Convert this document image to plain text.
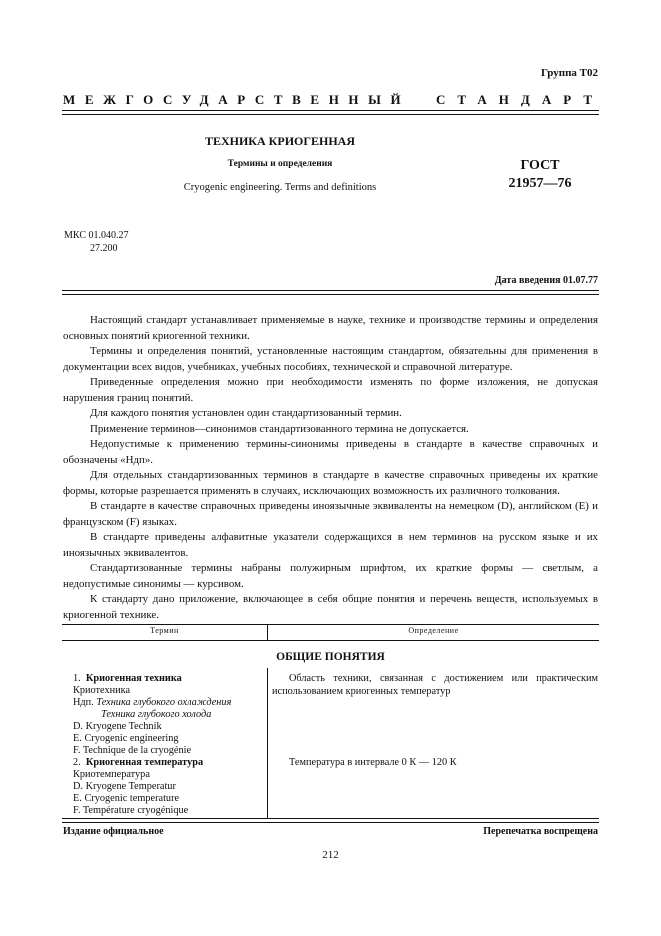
Группа Т02
МЕЖГОСУДАРСТВЕННЫЙ СТАНДАРТ
ТЕХНИКА КРИОГЕННАЯ
Термины и определения
Cryogenic engineering. Terms and definitions
ГОСТ
21957—76
МКС 01.040.27
27.200
Дата введения 01.07.77

Настоящий стандарт устанавливает применяемые в науке, технике и производстве термины и определения основных понятий криогенной техники.

Термины и определения понятий, установленные настоящим стандартом, обязательны для применения в документации всех видов, учебниках, учебных пособиях, технической и справочной литературе.

Приведенные определения можно при необходимости изменять по форме изложения, не допуская нарушения границ понятий.

Для каждого понятия установлен один стандартизованный термин.

Применение терминов—синонимов стандартизованного термина не допускается.

Недопустимые к применению термины-синонимы приведены в стандарте в качестве справочных и обозначены «Ндп».

Для отдельных стандартизованных терминов в стандарте в качестве справочных приведены их краткие формы, которые разрешается применять в случаях, исключающих возможность их различного толкования.

В стандарте в качестве справочных приведены иноязычные эквиваленты на немецком (D), английском (E) и французском (F) языках.

В стандарте приведены алфавитные указатели содержащихся в нем терминов на русском языке и их иноязычных эквивалентов.

Стандартизованные термины набраны полужирным шрифтом, их краткие формы — светлым, а недопустимые синонимы — курсивом.

К стандарту дано приложение, включающее в себя общие понятия и перечень веществ, используемых в криогенной технике.

Термин	Определение
ОБЩИЕ ПОНЯТИЯ
1. Криогенная техника
Криотехника
Ндп. Техника глубокого охлаждения
Техника глубокого холода
D. Kryogene Technik
E. Cryogenic engineering
F. Technique de la cryogénie
Область техники, связанная с достижением или практическим использованием криогенных температур
2. Криогенная температура
Криотемпература
D. Kryogene Temperatur
E. Cryogenic temperature
F. Température cryogénique
Температура в интервале 0 К — 120 К
Издание официальное	Перепечатка воспрещена
212
